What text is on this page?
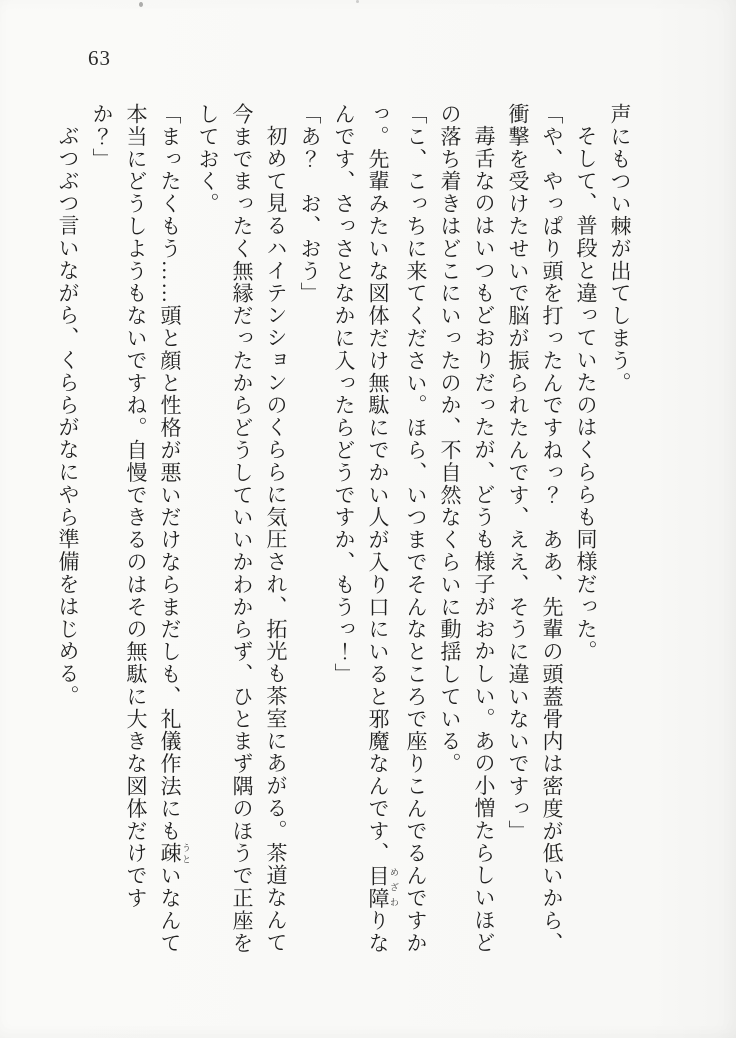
63

声にもつい棘が出てしまう。

そして、普段と違っていたのはくららも同様だった。

「や、やっぱり頭を打ったんですねっ？　ああ、先輩の頭蓋骨内は密度が低いから、

衝撃を受けたせいで脳が振られたんです、ええ、そうに違いないですっ」

毒舌なのはいつもどおりだったが、どうも様子がおかしい。あの小憎たらしいほど

の落ち着きはどこにいったのか、不自然なくらいに動揺している。

「こ、こっちに来てください。ほら、いつまでそんなところで座りこんでるんですか

っ。先輩みたいな図体だけ無駄にでかい人が入り口にいると邪魔なんです、目障 めざわりな

んです、さっさとなかに入ったらどうですか、もうっ！」

「あ？　お、おう」

初めて見るハイテンションのくららに気圧され、拓光も茶室にあがる。茶道なんて

今までまったく無縁だったからどうしていいかわからず、ひとまず隅のほうで正座を

しておく。

「まったくもう……頭と顔と性格が悪いだけならまだしも、礼儀作法にも疎 うといなんて

本当にどうしようもないですね。自慢できるのはその無駄に大きな図体だけです

か？」

ぶつぶつ言いながら、くららがなにやら準備をはじめる。
